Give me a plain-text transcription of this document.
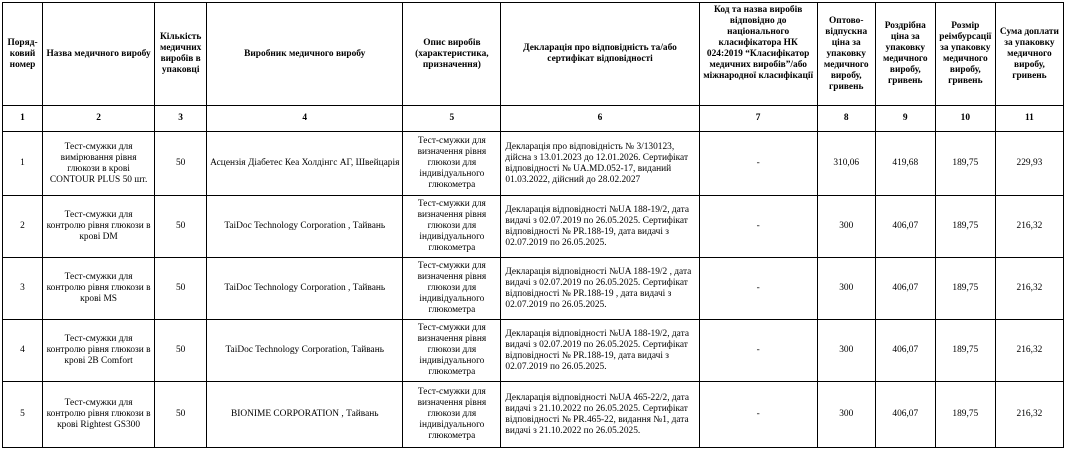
Поряд-ковий номер	Назва медичного виробу	Кількість медичних виробів в упаковці	Виробник медичного виробу	Опис виробів (характеристика, призначення)	Декларація про відповідність та/або сертифікат відповідності	Код та назва виробів відповідно до національного класифікатора НК 024:2019 “Класифікатор медичних виробів”/або міжнародної класифікації	Оптово-відпускна ціна за упаковку медичного виробу, гривень	Роздрібна ціна за упаковку медичного виробу, гривень	Розмір реімбурсації за упаковку медичного виробу, гривень	Сума доплати за упаковку медичного виробу, гривень
1	2	3	4	5	6	7	8	9	10	11
1	Тест-смужки для вимірювання рівня глюкози в крові CONTOUR PLUS 50 шт.	50	Асцензія Діабетес Кеа Холдінгс АГ, Швейцарія	Тест-смужки для визначення рівня глюкози для індивідуального глюкометра	Декларація про відповідність № 3/130123, дійсна з 13.01.2023 до 12.01.2026. Сертифікат відповідності № UA.MD.052-17, виданий 01.03.2022, дійсний до 28.02.2027	-	310,06	419,68	189,75	229,93
2	Тест-смужки для контролю рівня глюкози в крові DM	50	TaiDoc Technology Corporation , Тайвань	Тест-смужки для визначення рівня глюкози для індивідуального глюкометра	Декларація відповідності №UA 188-19/2, дата видачі з 02.07.2019 по 26.05.2025. Сертифікат відповідності № PR.188-19, дата видачі з 02.07.2019 по 26.05.2025.	-	300	406,07	189,75	216,32
3	Тест-смужки для контролю рівня глюкози в крові MS	50	TaiDoc Technology Corporation , Тайвань	Тест-смужки для визначення рівня глюкози для індивідуального глюкометра	Декларація відповідності №UA 188-19/2 , дата видачі з 02.07.2019 по 26.05.2025. Сертифікат відповідності № PR.188-19 , дата видачі з 02.07.2019 по 26.05.2025.	-	300	406,07	189,75	216,32
4	Тест-смужки для контролю рівня глюкози в крові 2B Comfort	50	TaiDoc Technology Corporation, Тайвань	Тест-смужки для визначення рівня глюкози для індивідуального глюкометра	Декларація відповідності №UA 188-19/2, дата видачі з 02.07.2019 по 26.05.2025. Сертифікат відповідності № PR.188-19, дата видачі з 02.07.2019 по 26.05.2025.	-	300	406,07	189,75	216,32
5	Тест-смужки для контролю рівня глюкози в крові Rightest GS300	50	BIONIME CORPORATION , Тайвань	Тест-смужки для визначення рівня глюкози для індивідуального глюкометра	Декларація відповідності №UA 465-22/2, дата видачі з 21.10.2022 по 26.05.2025. Сертифікат відповідності № PR.465-22, видання №1, дата видачі з 21.10.2022 по 26.05.2025.	-	300	406,07	189,75	216,32
